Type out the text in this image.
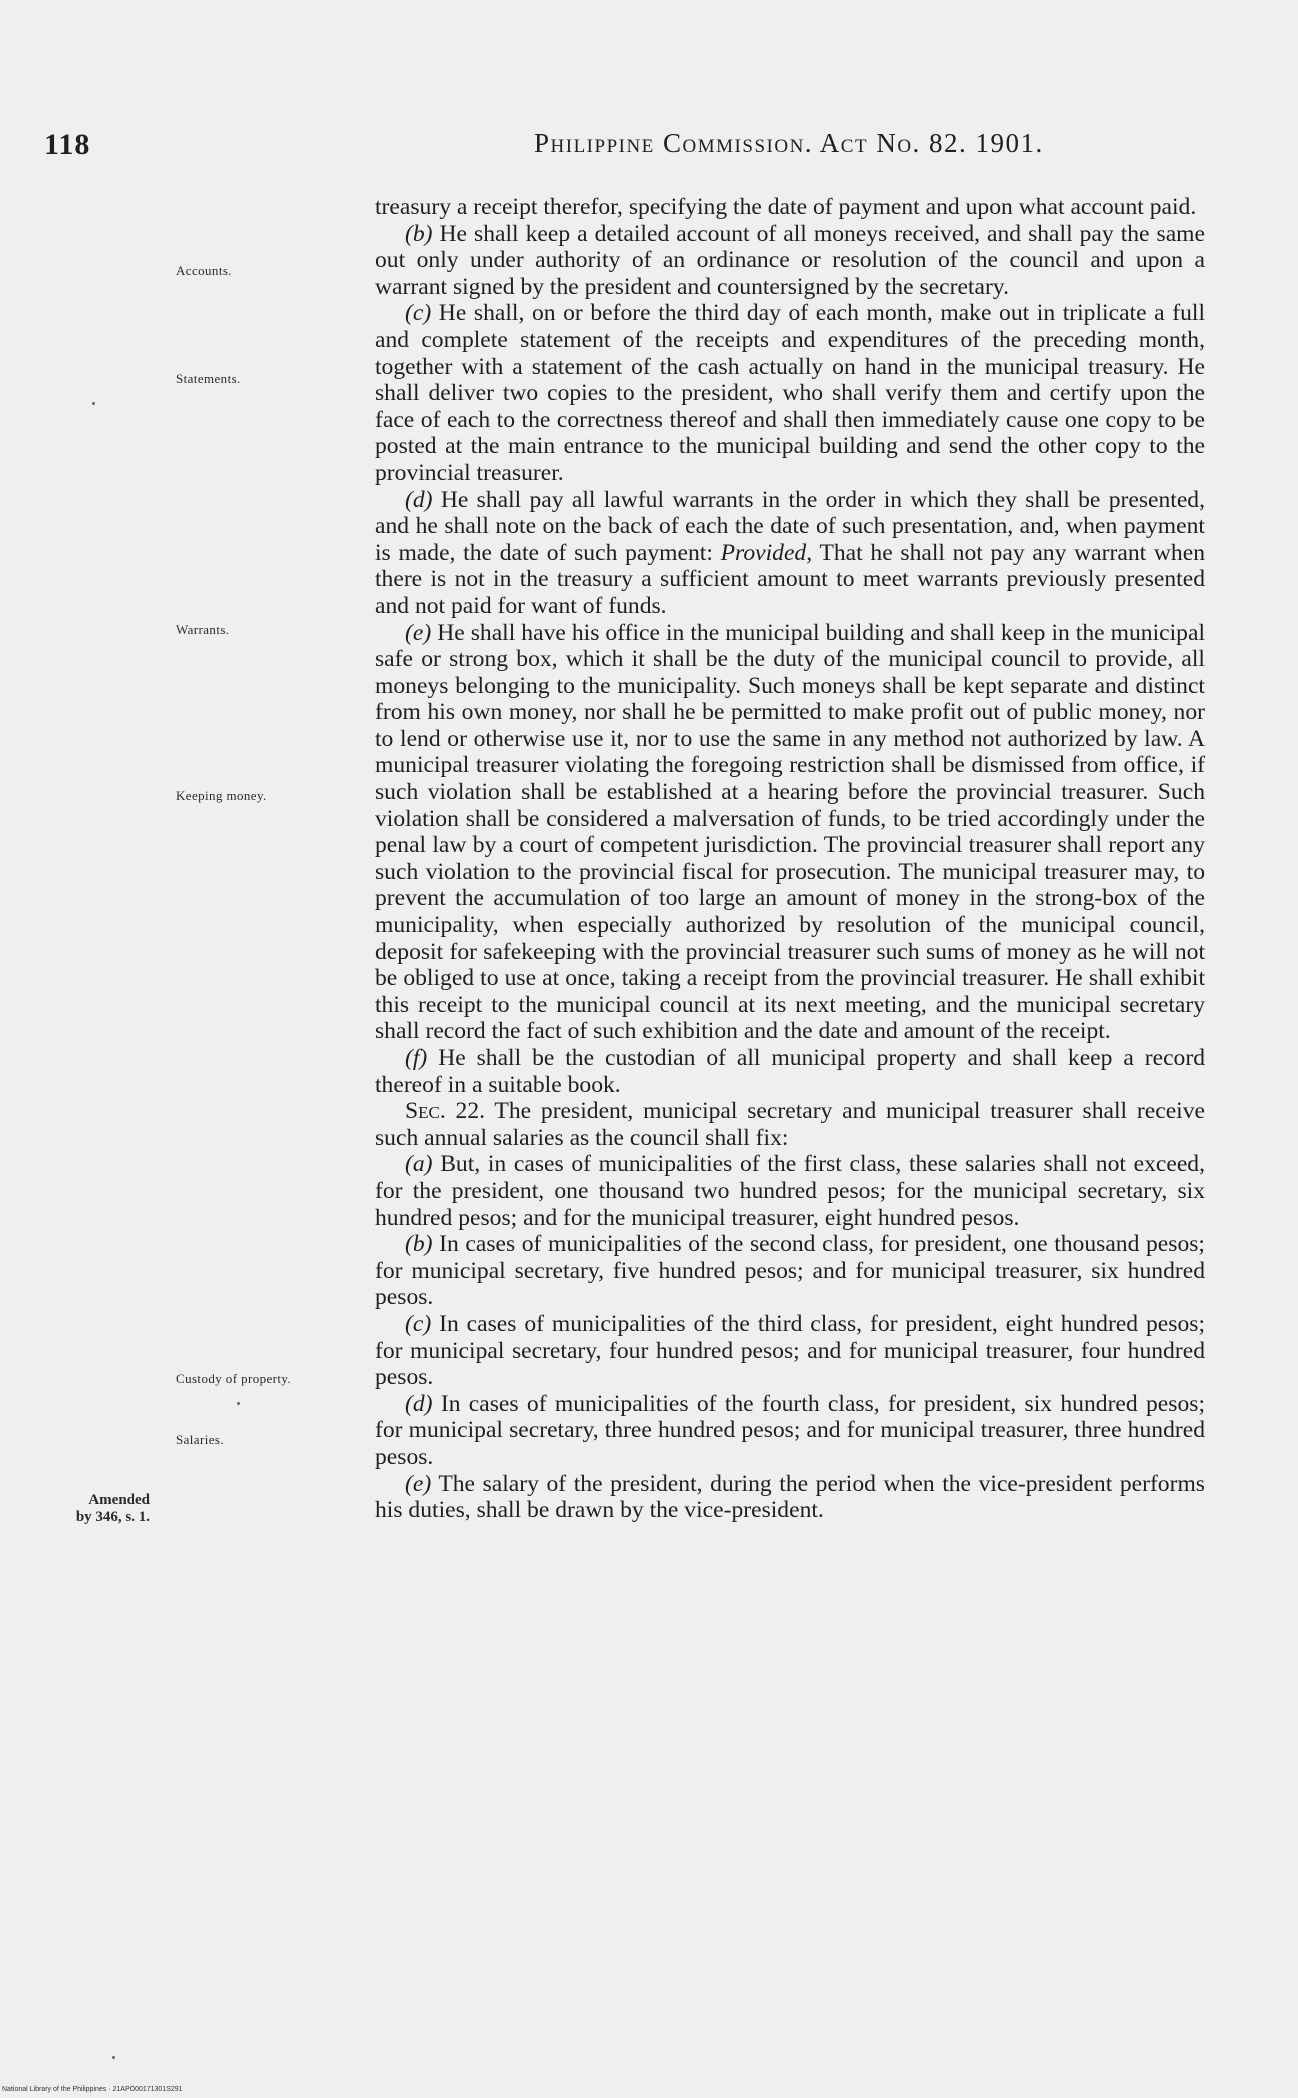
118	Philippine Commission. Act No. 82. 1901.
Accounts.
Statements.
Warrants.
Keeping money.
Custody of property.
Salaries.
Amended
by 346, s. 1.

treasury a receipt therefor, specifying the date of payment and upon what account paid.

(b) He shall keep a detailed account of all moneys received, and shall pay the same out only under authority of an ordinance or resolution of the council and upon a warrant signed by the president and countersigned by the secretary.

(c) He shall, on or before the third day of each month, make out in triplicate a full and complete statement of the receipts and expenditures of the preceding month, together with a statement of the cash actually on hand in the municipal treasury. He shall deliver two copies to the president, who shall verify them and certify upon the face of each to the correctness thereof and shall then immediately cause one copy to be posted at the main entrance to the municipal building and send the other copy to the provincial treasurer.

(d) He shall pay all lawful warrants in the order in which they shall be presented, and he shall note on the back of each the date of such presentation, and, when payment is made, the date of such payment: Provided, That he shall not pay any warrant when there is not in the treasury a sufficient amount to meet warrants previously presented and not paid for want of funds.

(e) He shall have his office in the municipal building and shall keep in the municipal safe or strong box, which it shall be the duty of the municipal council to provide, all moneys belonging to the municipality. Such moneys shall be kept separate and distinct from his own money, nor shall he be permitted to make profit out of public money, nor to lend or otherwise use it, nor to use the same in any method not authorized by law. A municipal treasurer violating the foregoing restriction shall be dismissed from office, if such violation shall be established at a hearing before the provincial treasurer. Such violation shall be considered a malversation of funds, to be tried accordingly under the penal law by a court of competent jurisdiction. The provincial treasurer shall report any such violation to the provincial fiscal for prosecution. The municipal treasurer may, to prevent the accumulation of too large an amount of money in the strong-box of the municipality, when especially authorized by resolution of the municipal council, deposit for safekeeping with the provincial treasurer such sums of money as he will not be obliged to use at once, taking a receipt from the provincial treasurer. He shall exhibit this receipt to the municipal council at its next meeting, and the municipal secretary shall record the fact of such exhibition and the date and amount of the receipt.

(f) He shall be the custodian of all municipal property and shall keep a record thereof in a suitable book.

Sec. 22. The president, municipal secretary and municipal treasurer shall receive such annual salaries as the council shall fix:

(a) But, in cases of municipalities of the first class, these salaries shall not exceed, for the president, one thousand two hundred pesos; for the municipal secretary, six hundred pesos; and for the municipal treasurer, eight hundred pesos.

(b) In cases of municipalities of the second class, for president, one thousand pesos; for municipal secretary, five hundred pesos; and for municipal treasurer, six hundred pesos.

(c) In cases of municipalities of the third class, for president, eight hundred pesos; for municipal secretary, four hundred pesos; and for municipal treasurer, four hundred pesos.

(d) In cases of municipalities of the fourth class, for president, six hundred pesos; for municipal secretary, three hundred pesos; and for municipal treasurer, three hundred pesos.

(e) The salary of the president, during the period when the vice-president performs his duties, shall be drawn by the vice-president.

National Library of the Philippines · 21APO00171301S291
